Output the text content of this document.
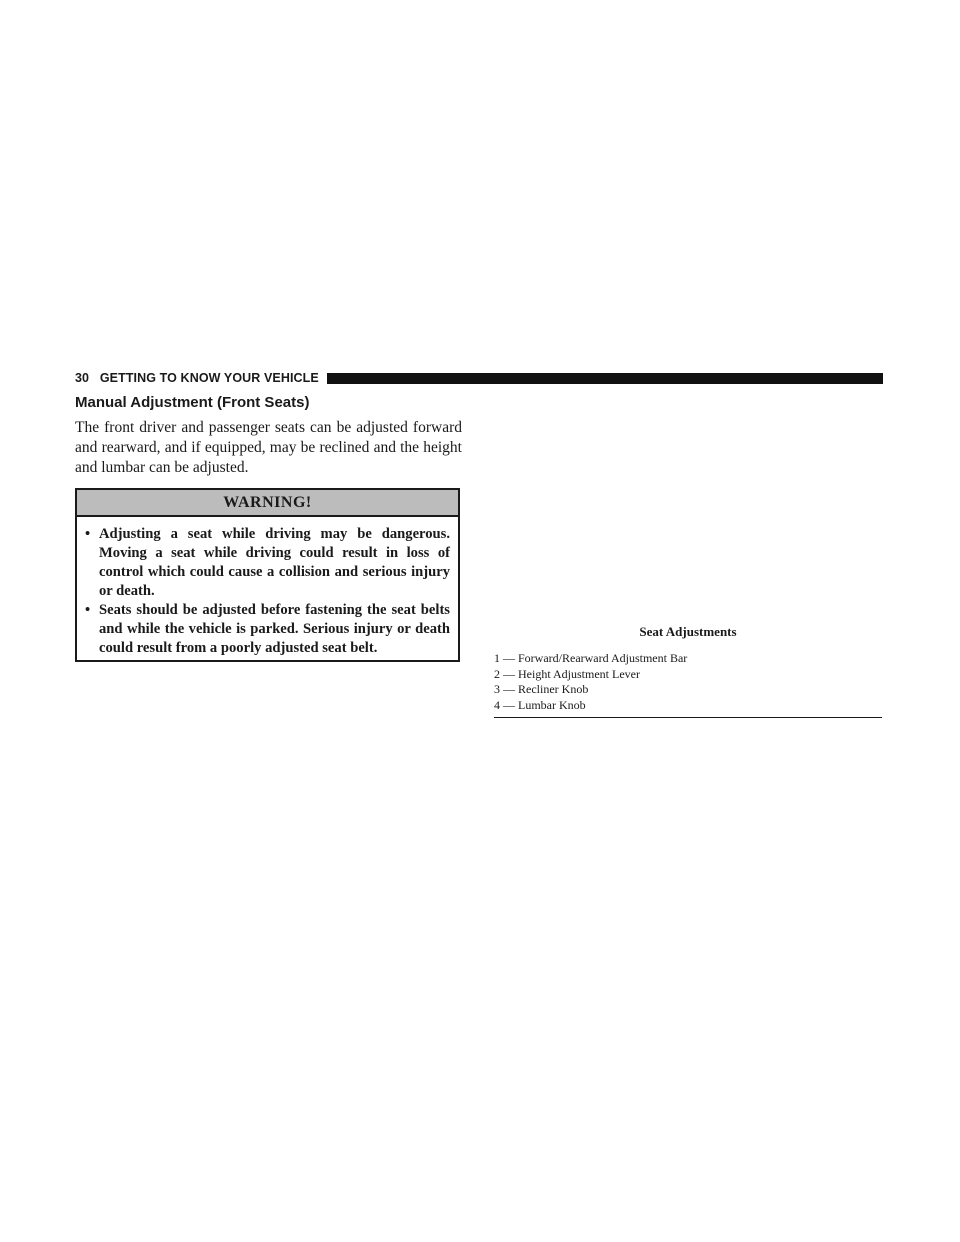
30 GETTING TO KNOW YOUR VEHICLE
Manual Adjustment (Front Seats)

The front driver and passenger seats can be adjusted forward and rearward, and if equipped, may be reclined and the height and lumbar can be adjusted.

WARNING!
• Adjusting a seat while driving may be dangerous. Moving a seat while driving could result in loss of control which could cause a collision and serious injury or death.
• Seats should be adjusted before fastening the seat belts and while the vehicle is parked. Serious injury or death could result from a poorly adjusted seat belt.
Seat Adjustments
1 — Forward/Rearward Adjustment Bar
2 — Height Adjustment Lever
3 — Recliner Knob
4 — Lumbar Knob
